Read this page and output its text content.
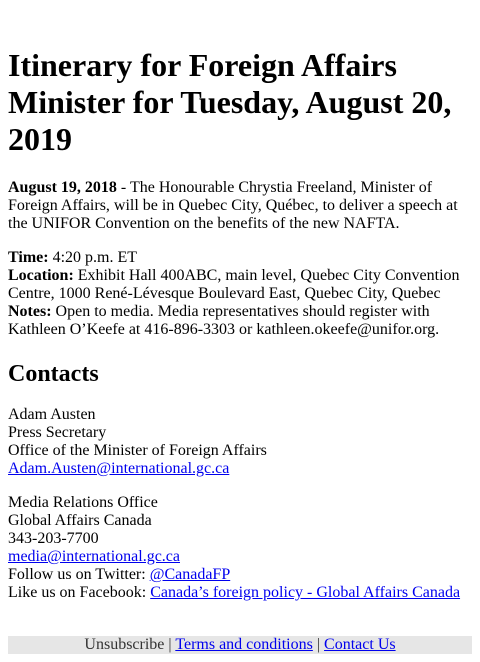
Itinerary for Foreign Affairs Minister for Tuesday, August 20, 2019

August 19, 2018 - The Honourable Chrystia Freeland, Minister of Foreign Affairs, will be in Quebec City, Québec, to deliver a speech at the UNIFOR Convention on the benefits of the new NAFTA.

Time: 4:20 p.m. ET
Location: Exhibit Hall 400ABC, main level, Quebec City Convention Centre, 1000 René-Lévesque Boulevard East, Quebec City, Quebec
Notes: Open to media. Media representatives should register with Kathleen O’Keefe at 416-896-3303 or kathleen.okeefe@unifor.org.
Contacts
Adam Austen
Press Secretary
Office of the Minister of Foreign Affairs
Adam.Austen@international.gc.ca
Media Relations Office
Global Affairs Canada
343-203-7700
media@international.gc.ca
Follow us on Twitter: @CanadaFP
Like us on Facebook: Canada’s foreign policy - Global Affairs Canada
Unsubscribe | Terms and conditions | Contact Us
